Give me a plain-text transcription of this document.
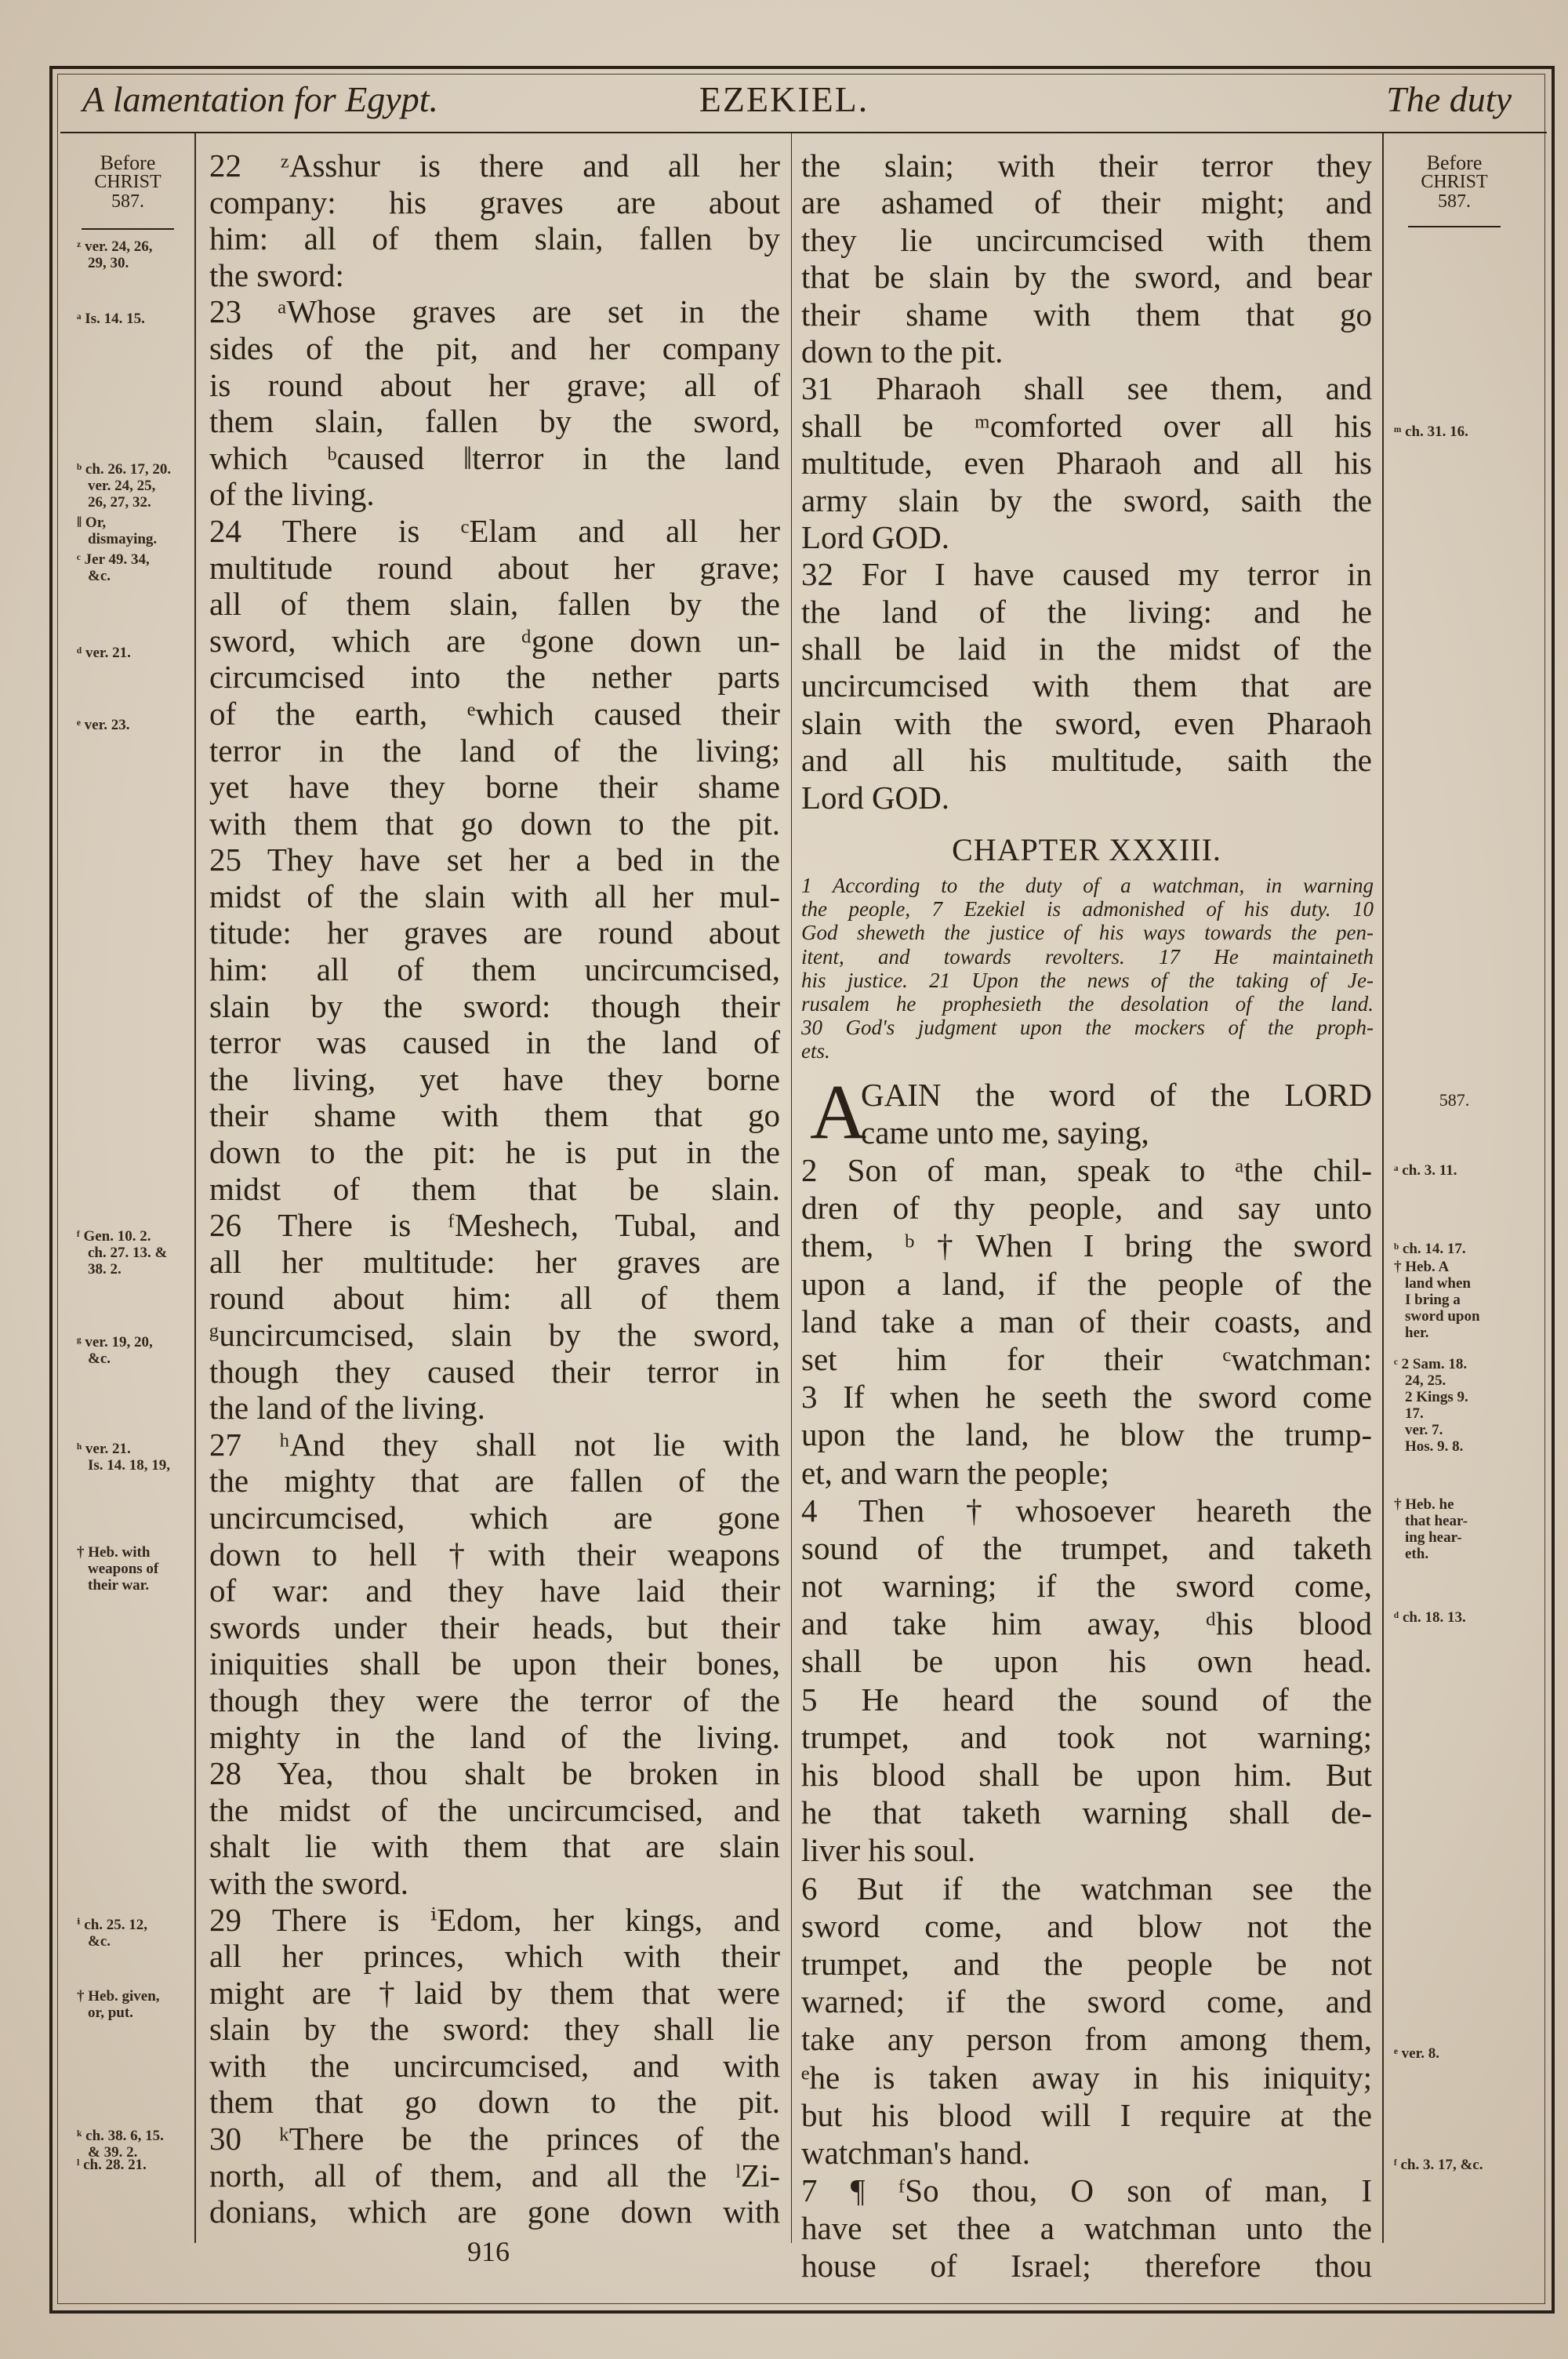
EZEKIEL.
A lamentation for Egypt.	The duty
Before
CHRIST
587.
ᶻ ver. 24, 26,
29, 30.
ᵃ Is. 14. 15.
ᵇ ch. 26. 17, 20.
ver. 24, 25,
26, 27, 32.
‖ Or,
dismaying.
ᶜ Jer 49. 34,
&c.
ᵈ ver. 21.
ᵉ ver. 23.
ᶠ Gen. 10. 2.
ch. 27. 13. &
38. 2.
ᵍ ver. 19, 20,
&c.
ʰ ver. 21.
Is. 14. 18, 19,
† Heb. with
weapons of
their war.
ⁱ ch. 25. 12,
&c.
† Heb. given,
or, put.
ᵏ ch. 38. 6, 15.
& 39. 2.
ˡ ch. 28. 21.
Before
CHRIST
587.
587.
ᵐ ch. 31. 16.
ᵃ ch. 3. 11.
ᵇ ch. 14. 17.
† Heb. A
land when
I bring a
sword upon
her.
ᶜ 2 Sam. 18.
24, 25.
2 Kings 9.
17.
ver. 7.
Hos. 9. 8.
† Heb. he
that hear-
ing hear-
eth.
ᵈ ch. 18. 13.
ᵉ ver. 8.
ᶠ ch. 3. 17, &c.
22 ᶻAsshur is there and all her
company: his graves are about
him: all of them slain, fallen by
the sword:
23 ᵃWhose graves are set in the
sides of the pit, and her company
is round about her grave; all of
them slain, fallen by the sword,
which ᵇcaused ‖terror in the land
of the living.
24 There is ᶜElam and all her
multitude round about her grave;
all of them slain, fallen by the
sword, which are ᵈgone down un-
circumcised into the nether parts
of the earth, ᵉwhich caused their
terror in the land of the living;
yet have they borne their shame
with them that go down to the pit.
25 They have set her a bed in the
midst of the slain with all her mul-
titude: her graves are round about
him: all of them uncircumcised,
slain by the sword: though their
terror was caused in the land of
the living, yet have they borne
their shame with them that go
down to the pit: he is put in the
midst of them that be slain.
26 There is ᶠMeshech, Tubal, and
all her multitude: her graves are
round about him: all of them
ᵍuncircumcised, slain by the sword,
though they caused their terror in
the land of the living.
27 ʰAnd they shall not lie with
the mighty that are fallen of the
uncircumcised, which are gone
down to hell †with their weapons
of war: and they have laid their
swords under their heads, but their
iniquities shall be upon their bones,
though they were the terror of the
mighty in the land of the living.
28 Yea, thou shalt be broken in
the midst of the uncircumcised, and
shalt lie with them that are slain
with the sword.
29 There is ⁱEdom, her kings, and
all her princes, which with their
might are †laid by them that were
slain by the sword: they shall lie
with the uncircumcised, and with
them that go down to the pit.
30 ᵏThere be the princes of the
north, all of them, and all the ˡZi-
donians, which are gone down with
the slain; with their terror they
are ashamed of their might; and
they lie uncircumcised with them
that be slain by the sword, and bear
their shame with them that go
down to the pit.
31 Pharaoh shall see them, and
shall be ᵐcomforted over all his
multitude, even Pharaoh and all his
army slain by the sword, saith the
Lord GOD.
32 For I have caused my terror in
the land of the living: and he
shall be laid in the midst of the
uncircumcised with them that are
slain with the sword, even Pharaoh
and all his multitude, saith the
Lord GOD.
CHAPTER XXXIII.
1 According to the duty of a watchman, in warning
the people, 7 Ezekiel is admonished of his duty. 10
God sheweth the justice of his ways towards the pen-
itent, and towards revolters. 17 He maintaineth
his justice. 21 Upon the news of the taking of Je-
rusalem he prophesieth the desolation of the land.
30 God's judgment upon the mockers of the proph-
ets.
A
GAIN the word of the LORD
came unto me, saying,
2 Son of man, speak to ᵃthe chil-
dren of thy people, and say unto
them, ᵇ†When I bring the sword
upon a land, if the people of the
land take a man of their coasts, and
set him for their ᶜwatchman:
3 If when he seeth the sword come
upon the land, he blow the trump-
et, and warn the people;
4 Then †whosoever heareth the
sound of the trumpet, and taketh
not warning; if the sword come,
and take him away, ᵈhis blood
shall be upon his own head.
5 He heard the sound of the
trumpet, and took not warning;
his blood shall be upon him. But
he that taketh warning shall de-
liver his soul.
6 But if the watchman see the
sword come, and blow not the
trumpet, and the people be not
warned; if the sword come, and
take any person from among them,
ᵉhe is taken away in his iniquity;
but his blood will I require at the
watchman's hand.
7 ¶ ᶠSo thou, O son of man, I
have set thee a watchman unto the
house of Israel; therefore thou
916
